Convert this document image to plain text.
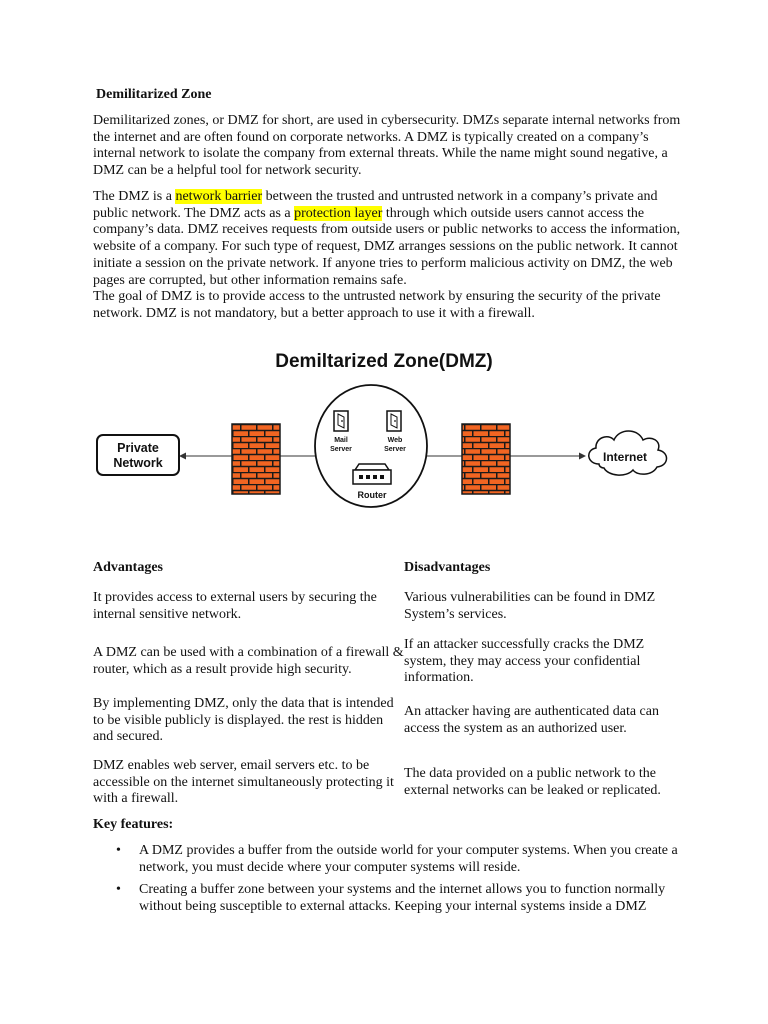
Demilitarized Zone

Demilitarized zones, or DMZ for short, are used in cybersecurity. DMZs separate internal networks from the internet and are often found on corporate networks. A DMZ is typically created on a company’s internal network to isolate the company from external threats. While the name might sound negative, a DMZ can be a helpful tool for network security.

The DMZ is a network barrier between the trusted and untrusted network in a company’s private and public network. The DMZ acts as a protection layer through which outside users cannot access the company’s data. DMZ receives requests from outside users or public networks to access the information, website of a company. For such type of request, DMZ arranges sessions on the public network. It cannot initiate a session on the private network. If anyone tries to perform malicious activity on DMZ, the web pages are corrupted, but other information remains safe.

The goal of DMZ is to provide access to the untrusted network by ensuring the security of the private network. DMZ is not mandatory, but a better approach to use it with a firewall.

Demiltarized Zone(DMZ)
Private
Network
Mail
Server
Web
Server
Router
Internet
Advantages	Disadvantages
It provides access to external users by securing the internal sensitive network.	Various vulnerabilities can be found in DMZ System’s services.
A DMZ can be used with a combination of a firewall & router, which as a result provide high security.	If an attacker successfully cracks the DMZ system, they may access your confidential information.
By implementing DMZ, only the data that is intended to be visible publicly is displayed. the rest is hidden and secured.	An attacker having are authenticated data can access the system as an authorized user.
DMZ enables web server, email servers etc. to be accessible on the internet simultaneously protecting it with a firewall.	The data provided on a public network to the external networks can be leaked or replicated.

Key features:

• A DMZ provides a buffer from the outside world for your computer systems. When you create a network, you must decide where your computer systems will reside.
• Creating a buffer zone between your systems and the internet allows you to function normally without being susceptible to external attacks. Keeping your internal systems inside a DMZ
